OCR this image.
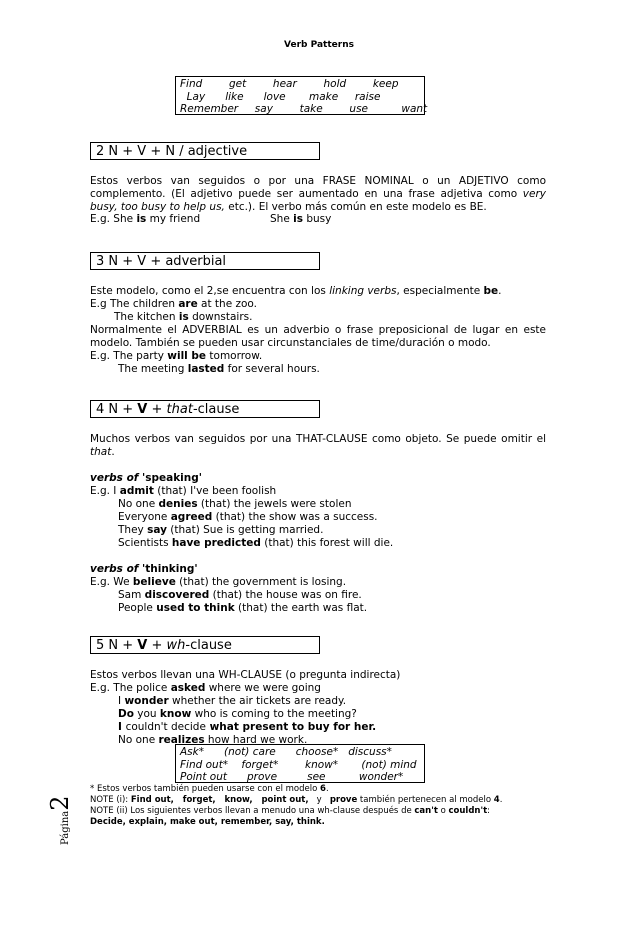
Verb Patterns
Find        get        hear        hold        keep
Lay      like      love       make     raise
Remember     say        take        use          want
2 N + V + N / adjective
Estos verbos van seguidos o por una FRASE NOMINAL o un ADJETIVO como complemento. (El adjetivo puede ser aumentado en una frase adjetiva como very busy, too busy to help us, etc.). El verbo más común en este modelo es BE.
E.g. She is my friend	She is busy
3 N + V + adverbial
Este modelo, como el 2,se encuentra con los linking verbs, especialmente be.
E.g The children are at the zoo.
The kitchen is downstairs.
Normalmente el ADVERBIAL es un adverbio o frase preposicional de lugar en este modelo. También se pueden usar circunstanciales de time/duración o modo.
E.g. The party will be tomorrow.
The meeting lasted for several hours.
4 N + V + that-clause
Muchos verbos van seguidos por una THAT-CLAUSE como objeto. Se puede omitir el that.
verbs of 'speaking'
E.g. I admit (that) I've been foolish
No one denies (that) the jewels were stolen
Everyone agreed (that) the show was a success.
They say (that) Sue is getting married.
Scientists have predicted (that) this forest will die.
verbs of 'thinking'
E.g. We believe (that) the government is losing.
Sam discovered (that) the house was on fire.
People used to think (that) the earth was flat.
5 N + V + wh-clause
Estos verbos llevan una WH-CLAUSE (o pregunta indirecta)
E.g. The police asked where we were going
I wonder whether the air tickets are ready.
Do you know who is coming to the meeting?
I couldn't decide what present to buy for her.
No one realizes how hard we work.
Ask*      (not) care      choose*   discuss*
Find out*    forget*        know*       (not) mind
Point out      prove         see          wonder*
* Estos verbos también pueden usarse con el modelo 6.
NOTE (i): Find out,   forget,   know,   point out,   y   prove también pertenecen al modelo 4.
NOTE (ii) Los siguientes verbos llevan a menudo una wh-clause después de can't o couldn't:
Decide, explain, make out, remember, say, think.
Página2
